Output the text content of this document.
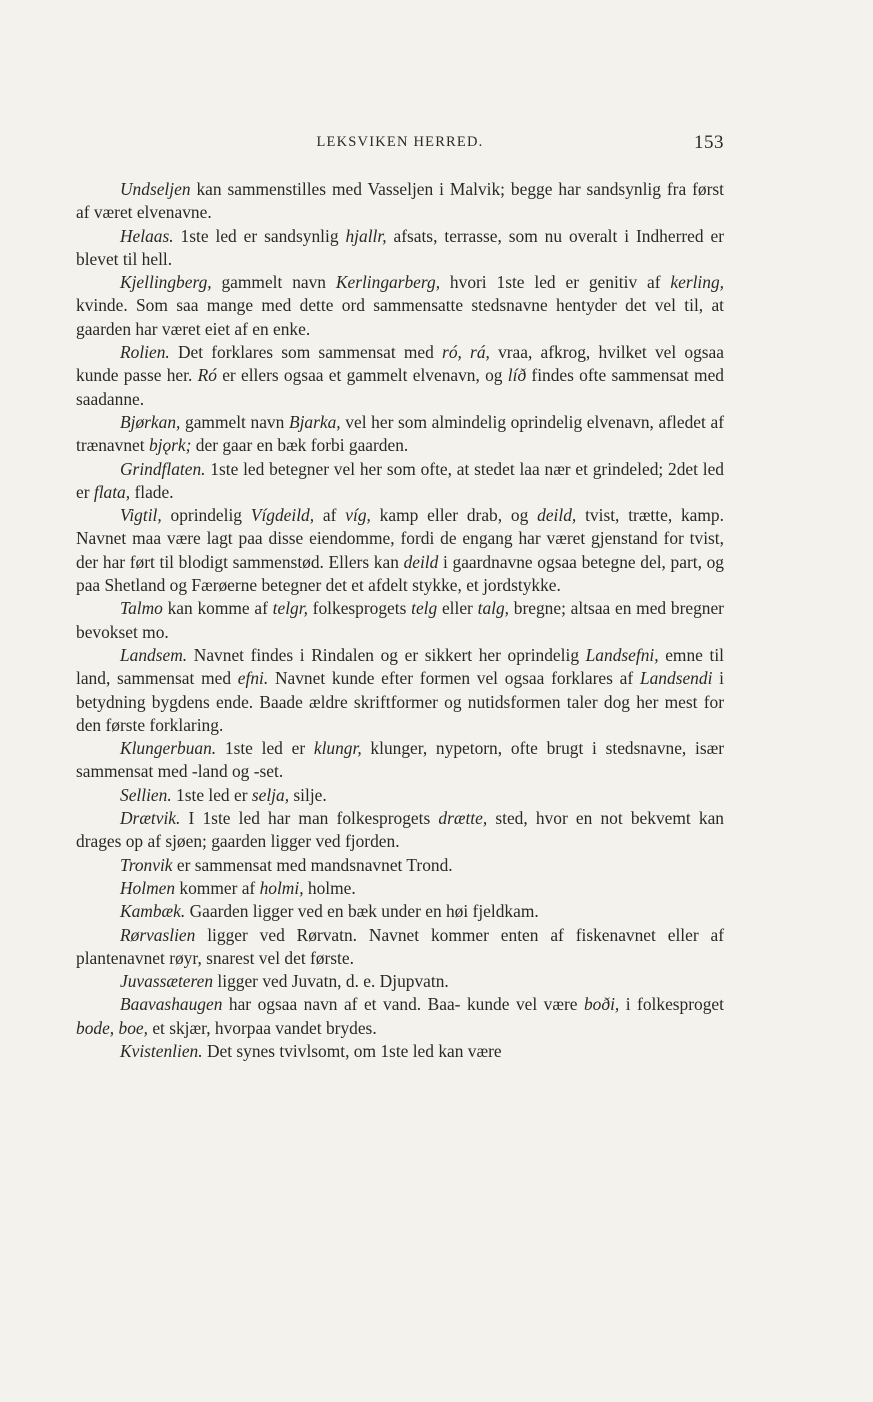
LEKSVIKEN HERRED.	153

Undseljen kan sammenstilles med Vasseljen i Malvik; begge har sandsynlig fra først af været elvenavne.

Helaas. 1ste led er sandsynlig hjallr, afsats, terrasse, som nu overalt i Indherred er blevet til hell.

Kjellingberg, gammelt navn Kerlingarberg, hvori 1ste led er genitiv af kerling, kvinde. Som saa mange med dette ord sammensatte stedsnavne hentyder det vel til, at gaarden har været eiet af en enke.

Rolien. Det forklares som sammensat med ró, rá, vraa, afkrog, hvilket vel ogsaa kunde passe her. Ró er ellers ogsaa et gammelt elvenavn, og líð findes ofte sammensat med saadanne.

Bjørkan, gammelt navn Bjarka, vel her som almindelig oprindelig elvenavn, afledet af trænavnet bjǫrk; der gaar en bæk forbi gaarden.

Grindflaten. 1ste led betegner vel her som ofte, at stedet laa nær et grindeled; 2det led er flata, flade.

Vigtil, oprindelig Vígdeild, af víg, kamp eller drab, og deild, tvist, trætte, kamp. Navnet maa være lagt paa disse eiendomme, fordi de engang har været gjenstand for tvist, der har ført til blodigt sammenstød. Ellers kan deild i gaardnavne ogsaa betegne del, part, og paa Shetland og Færøerne betegner det et afdelt stykke, et jordstykke.

Talmo kan komme af telgr, folkesprogets telg eller talg, bregne; altsaa en med bregner bevokset mo.

Landsem. Navnet findes i Rindalen og er sikkert her oprindelig Landsefni, emne til land, sammensat med efni. Navnet kunde efter formen vel ogsaa forklares af Landsendi i betydning bygdens ende. Baade ældre skriftformer og nutidsformen taler dog her mest for den første forklaring.

Klungerbuan. 1ste led er klungr, klunger, nypetorn, ofte brugt i stedsnavne, især sammensat med -land og -set.

Sellien. 1ste led er selja, silje.

Drætvik. I 1ste led har man folkesprogets drætte, sted, hvor en not bekvemt kan drages op af sjøen; gaarden ligger ved fjorden.

Tronvik er sammensat med mandsnavnet Trond.

Holmen kommer af holmi, holme.

Kambæk. Gaarden ligger ved en bæk under en høi fjeldkam.

Rørvaslien ligger ved Rørvatn. Navnet kommer enten af fiskenavnet eller af plantenavnet røyr, snarest vel det første.

Juvassæteren ligger ved Juvatn, d. e. Djupvatn.

Baavashaugen har ogsaa navn af et vand. Baa- kunde vel være boði, i folkesproget bode, boe, et skjær, hvorpaa vandet brydes.

Kvistenlien. Det synes tvivlsomt, om 1ste led kan være
